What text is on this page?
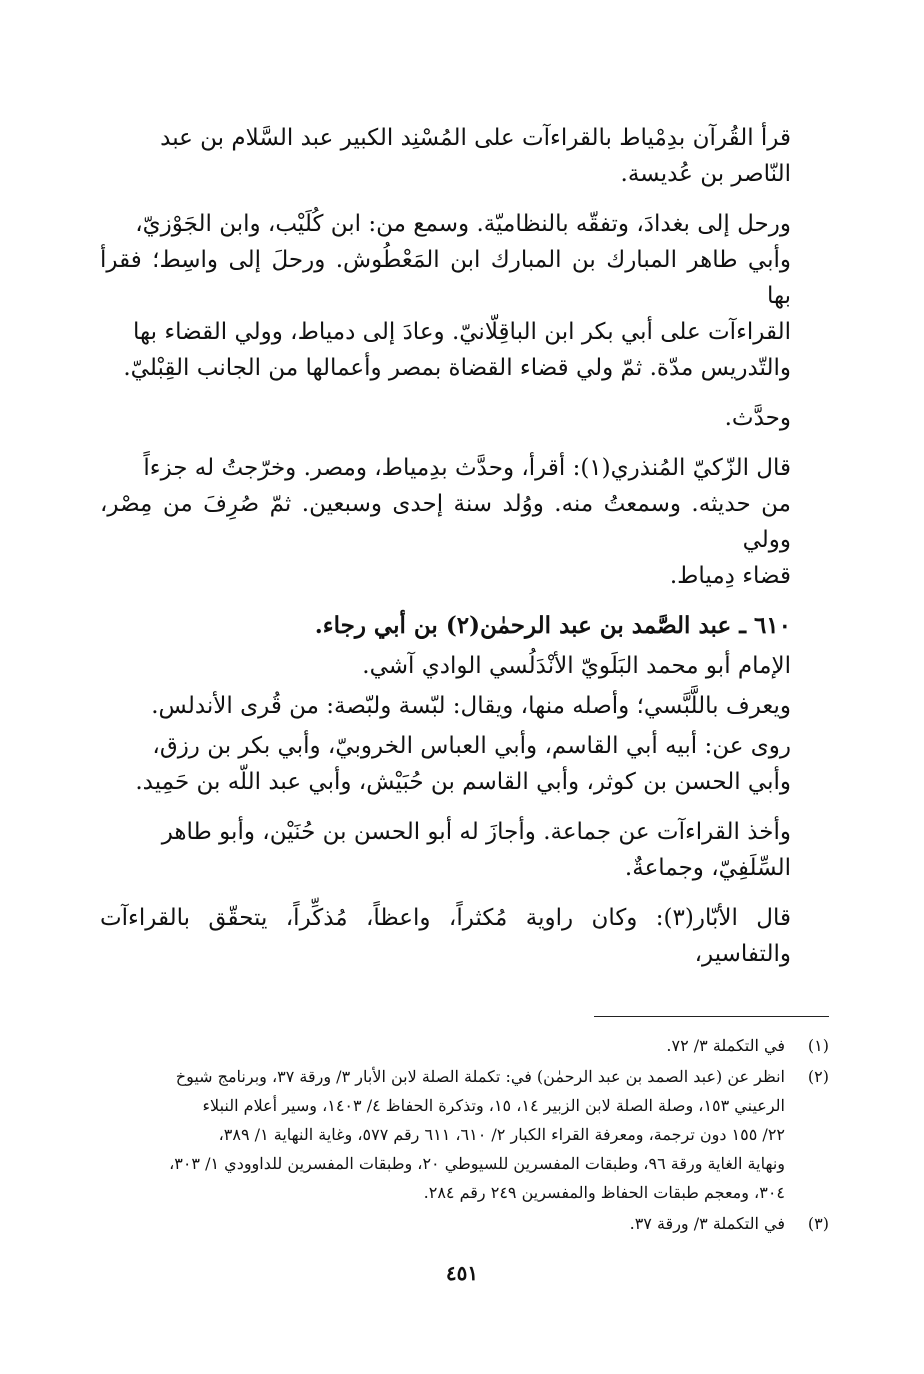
قرأ القُرآن بدِمْياط بالقراءآت على المُسْنِد الكبير عبد السَّلام بن عبد
النّاصر بن عُديسة.

ورحل إلى بغدادَ، وتفقّه بالنظاميّة. وسمع من: ابن كُلَيْب، وابن الجَوْزيّ،
وأبي طاهر المبارك بن المبارك ابن المَعْطُوش. ورحلَ إلى واسِط؛ فقرأ بها
القراءآت على أبي بكر ابن الباقِلّانيّ. وعادَ إلى دمياط، وولي القضاء بها
والتّدريس مدّة. ثمّ ولي قضاء القضاة بمصر وأعمالها من الجانب القِبْليّ.

وحدَّث.

قال الزّكيّ المُنذري(١): أقرأ، وحدَّث بدِمياط، ومصر. وخرّجتُ له جزءاً
من حديثه. وسمعتُ منه. ووُلد سنة إحدى وسبعين. ثمّ صُرِفَ من مِصْر، وولي
قضاء دِمياط.

٦١٠ ـ عبد الصَّمد بن عبد الرحمٰن(٢) بن أبي رجاء.

الإمام أبو محمد البَلَويّ الأنْدَلُسي الوادي آشي.

ويعرف باللَّبَّسي؛ وأصله منها، ويقال: لبّسة ولبّصة: من قُرى الأندلس.

روى عن: أبيه أبي القاسم، وأبي العباس الخروبيّ، وأبي بكر بن رزق،
وأبي الحسن بن كوثر، وأبي القاسم بن حُبَيْش، وأبي عبد اللّه بن حَمِيد.

وأخذ القراءآت عن جماعة. وأجازَ له أبو الحسن بن حُنَيْن، وأبو طاهر
السِّلَفِيّ، وجماعةٌ.

قال الأبّار(٣): وكان راوية مُكثراً، واعظاً، مُذكِّراً، يتحقّق بالقراءآت والتفاسير،

(١)
في التكملة ٣/ ٧٢.
(٢)
انظر عن (عبد الصمد بن عبد الرحمٰن) في: تكملة الصلة لابن الأبار ٣/ ورقة ٣٧، وبرنامج شيوخ
الرعيني ١٥٣، وصلة الصلة لابن الزبير ١٤، ١٥، وتذكرة الحفاظ ٤/ ١٤٠٣، وسير أعلام النبلاء
٢٢/ ١٥٥ دون ترجمة، ومعرفة القراء الكبار ٢/ ٦١٠، ٦١١ رقم ٥٧٧، وغاية النهاية ١/ ٣٨٩،
ونهاية الغاية ورقة ٩٦، وطبقات المفسرين للسيوطي ٢٠، وطبقات المفسرين للداوودي ١/ ٣٠٣،
٣٠٤، ومعجم طبقات الحفاظ والمفسرين ٢٤٩ رقم ٢٨٤.
(٣)
في التكملة ٣/ ورقة ٣٧.
٤٥١
